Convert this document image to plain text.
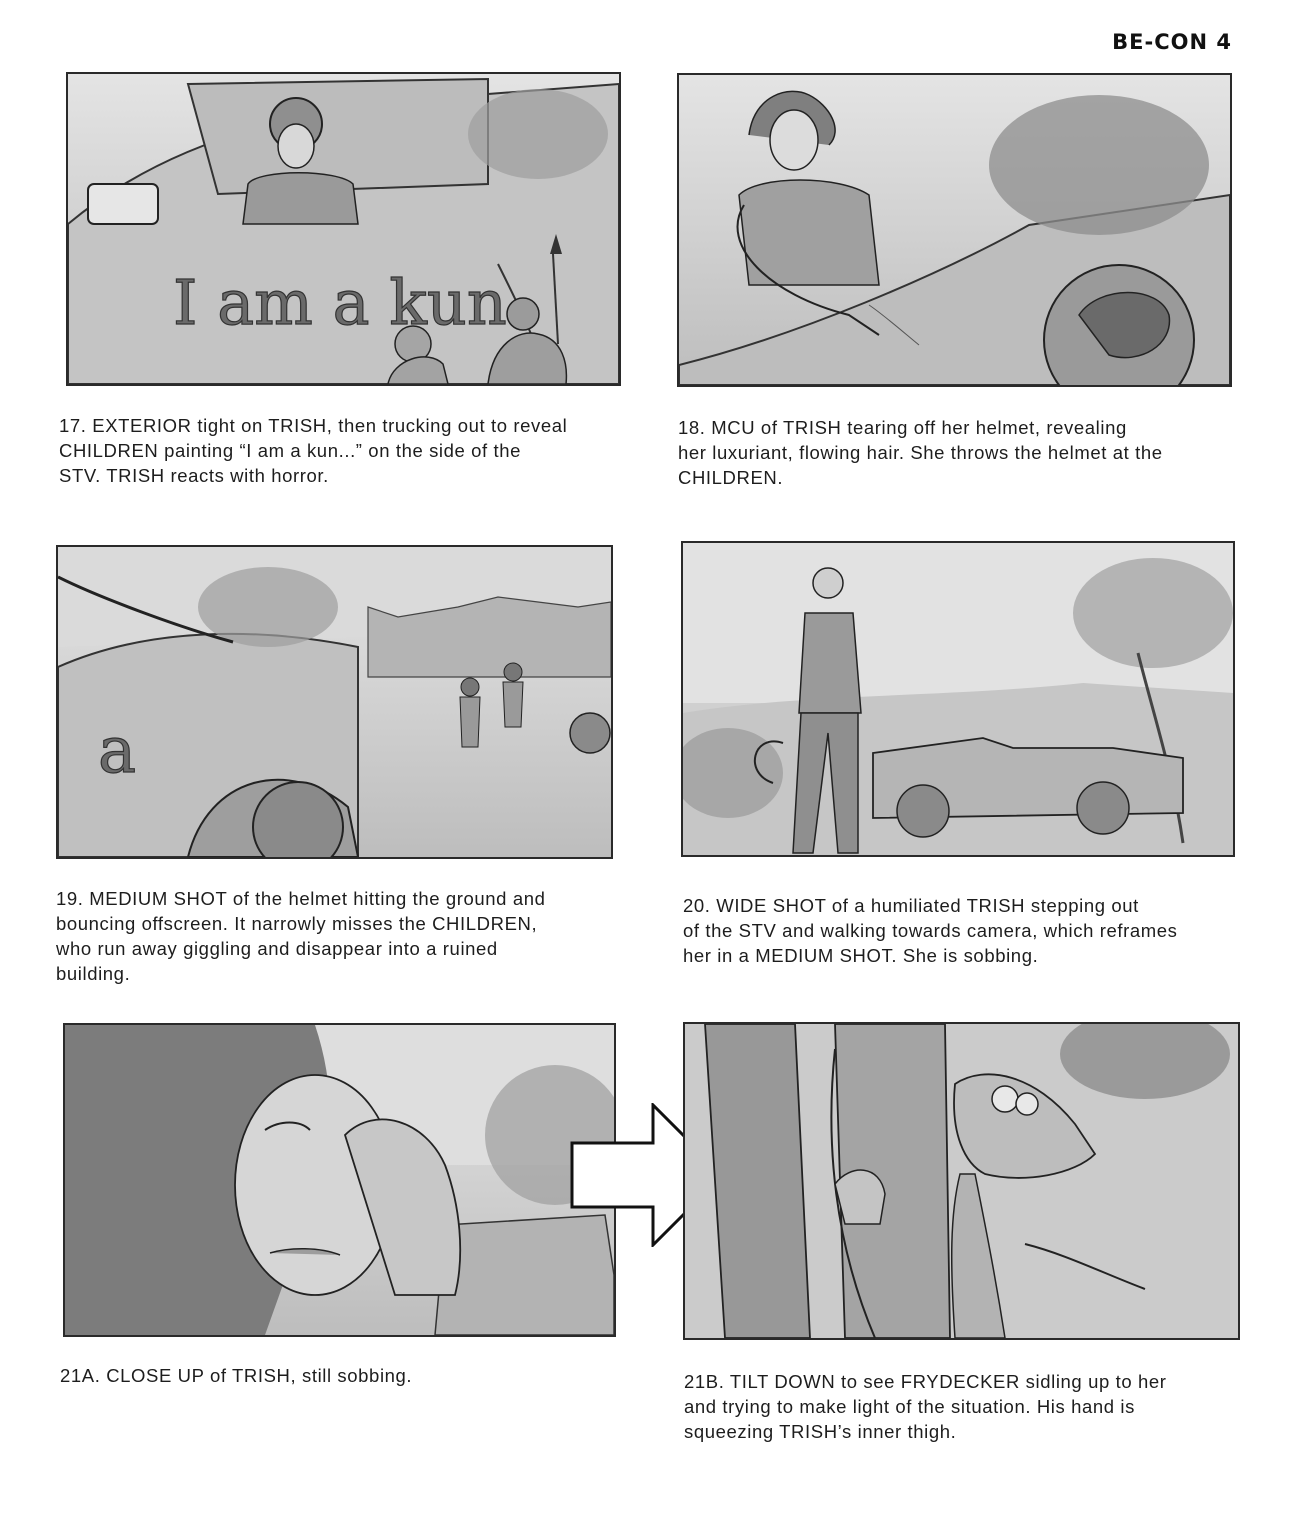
BE-CON 4
I am a kun

17. EXTERIOR tight on TRISH, then trucking out to reveal
CHILDREN painting “I am a kun...” on the side of the
STV. TRISH reacts with horror.

18. MCU of TRISH tearing off her helmet, revealing
her luxuriant, flowing hair. She throws the helmet at the
CHILDREN.

a

19. MEDIUM SHOT of the helmet hitting the ground and
bouncing offscreen. It narrowly misses the CHILDREN,
who run away giggling and disappear into a ruined
building.

20. WIDE SHOT of a humiliated TRISH stepping out
of the STV and walking towards camera, which reframes
her in a MEDIUM SHOT. She is sobbing.

21A. CLOSE UP of TRISH, still sobbing.	21B. TILT DOWN to see FRYDECKER sidling up to her
and trying to make light of the situation. His hand is
squeezing TRISH’s inner thigh.
